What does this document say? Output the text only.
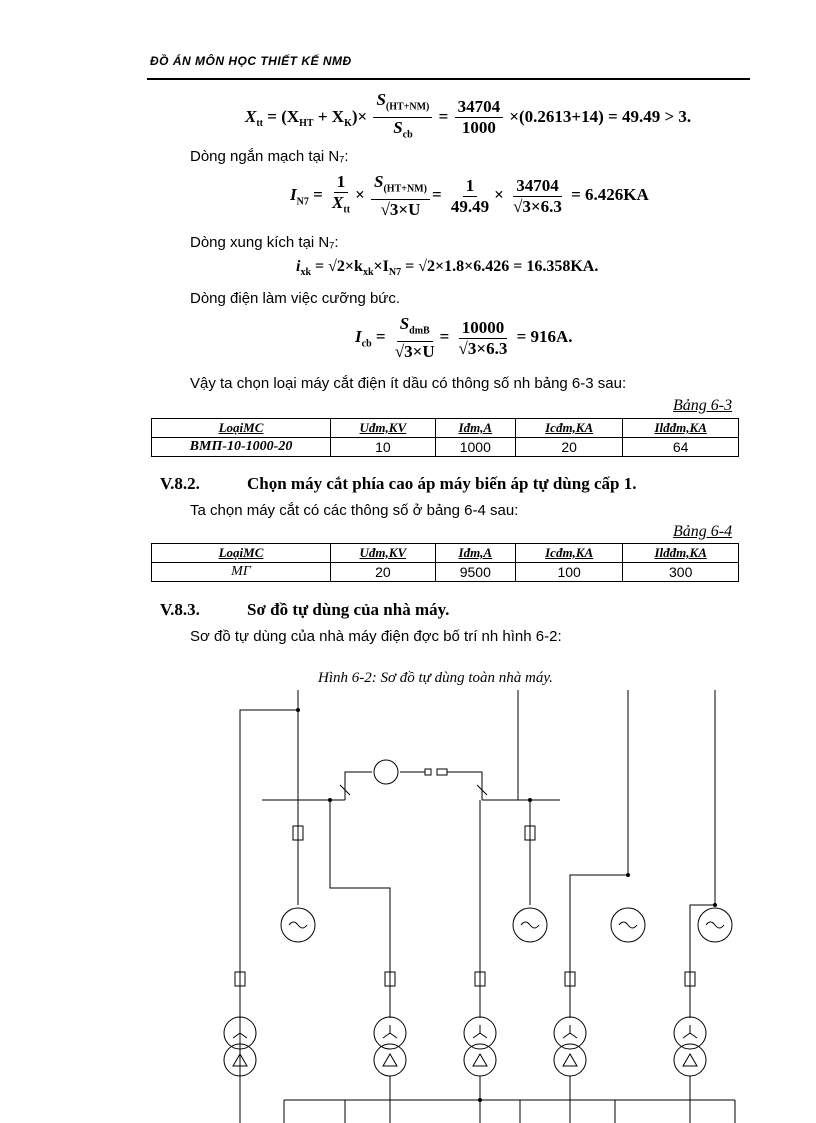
ĐỒ ÁN MÔN HỌC THIẾT KẾ NMĐ
$X_{tt} = (X_{HT} + X_K)\times \frac{S_{(HT+NM)}}{S_{cb}} = \frac{34704}{1000} \times(0.2613+14) = 49.49 > 3$.
Dòng ngắn mạch tại N₇:
$I_{N7} = \frac{1}{X_{tt}} \times \frac{S_{(HT+NM)}}{√3\times U} = \frac{1}{49.49} \times \frac{34704}{√3\times 6.3} = 6.426KA$
Dòng xung kích tại N₇:
$i_{xk} = √2\times k_{xk}\times I_{N7} = √2\times 1.8\times 6.426 = 16.358KA$.
Dòng điện làm việc cưỡng bức.
$I_{cb} = \frac{S_{dmB}}{√3\times U} = \frac{10000}{√3\times 6.3} = 916A$.
Vậy ta chọn loại máy cắt điện ít dầu có thông số nh bảng 6-3 sau:
Bảng 6-3
LoạiMC	Uđm,KV	Iđm,A	Icđm,KA	Ilđđm,KA
BMΠ-10-1000-20	10	1000	20	64
V.8.2.	Chọn máy cắt phía cao áp máy biến áp tự dùng cấp 1.
Ta chọn máy cắt có các thông số ở bảng 6-4 sau:
Bảng 6-4
LoạiMC	Uđm,KV	Iđm,A	Icđm,KA	Ilđđm,KA
MΓ	20	9500	100	300
V.8.3.	Sơ đồ tự dùng của nhà máy.
Sơ đồ tự dùng của nhà máy điện đợc bố trí nh hình 6-2:
Hình 6-2: Sơ đồ tự dùng toàn nhà máy.
